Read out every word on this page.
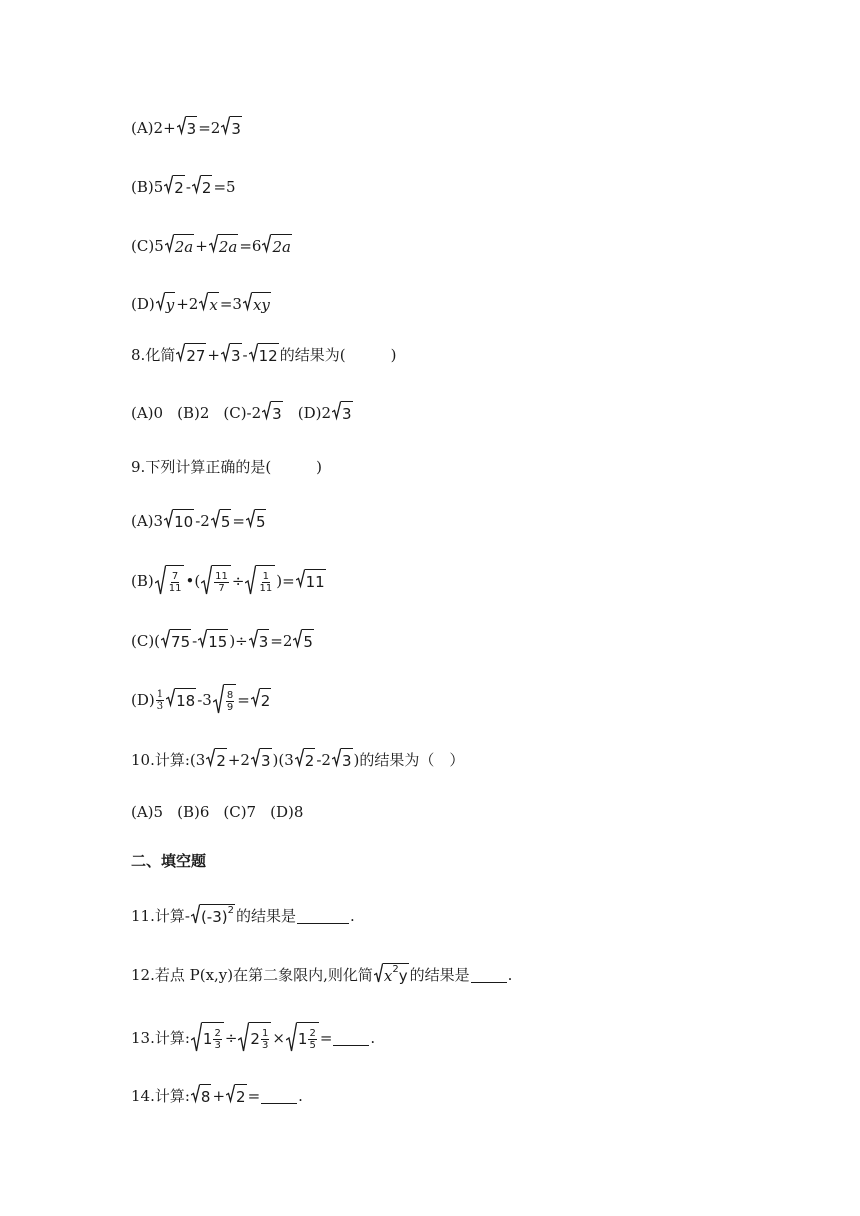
(A) 2+ 3 =2 3
(B) 5 2 - 2 =5
(C) 5 2a + 2a =6 2a
(D) y +2 x =3 xy
8. 化简 27 + 3 - 12 的结果为(　　　)
(A)0 (B)2 (C)-2 3 (D)2 3
9. 下列计算正确的是(　　　)
(A) 3 10 -2 5 = 5
$(B) \frac{7}{11}$ •( $\frac{11}{7} \div \frac{1}{11}$ )= 11
(C)( 75 - 15 )÷ 3 =2 5
$(D) \frac{1}{3} 18$ $-3 \frac{8}{9} = 2$
10. 计算:(3 2 +2 3 )(3 2 -2 3 )的结果为（　）
(A)5 (B)6 (C)7 (D)8
二、填空题
11. 计算- (-3) 2 的结果是	.
12. 若点 P(x,y)在第二象限内,则化简 x 2 y 的结果是	.
13. 计算: $1 \frac{2}{3} \div 2 \frac{1}{3} \times 1 \frac{2}{5}$ =	.
14. 计算: 8 + 2 =	.
